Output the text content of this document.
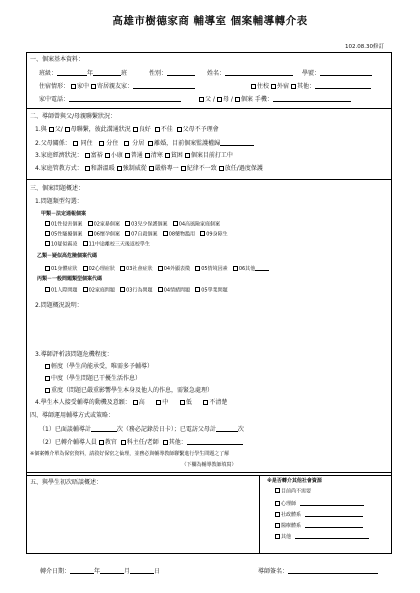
高雄市樹德家商 輔導室 個案輔導轉介表
102.08.30修訂
一、個案基本資料：
班級：	年	班	性別：	姓名：	學號：
住宿情形： 家中 寄居親友家：	住校 外宿 其他：
家中電話：	父 / 母 / 個案 手機：
二、導師曾與父/母親聯繫狀況：
1.與 父/ 母聯繫，彼此溝通狀況 良好 不佳 父母不予理會
2.父母關係： 同住 分住 分居 離婚，目前個案監護權歸
3.家庭經濟狀況： 富裕 小康 普通 清寒 貧困 個案目前打工中
4.家庭管教方式： 和諧溫暖 強制威從 嚴格專一 紀律不一致 放任/過度保護
三、個案問題概述：
1.問題類型勾選：
甲類－法定通報個案
01性侵害個案 02家暴個案 03兒少保護個案 04高風險家庭個案
05性騷擾個案 06懷孕個案 07自殺個案 08藥物濫用 09身障生
10疑似霸凌 11中途離校三天後返校學生
乙類－疑似高危險個案代碼
01身體症狀 02心理症狀 03社會症狀 04外顯表徵 05情境因素 06其他
丙類－一般問題類型個案代碼
01人際問題 02家庭問題 03行為問題 04情緒問題 05學業問題
2.問題概況說明：
3.導師評析該問題危機程度：
輕度（學生尚能承受，唯需多予輔導）
中度（學生問題已干擾生活作息）
重度（問題已嚴重影響學生本身及他人的作息，需緊急處理）
4.學生本人接受輔導的動機及意願： 高	中	低	不清楚
四、導師運用輔導方式或策略：
（1）已面談輔導計	次（務必記錄於日卡）；已電訪父母計	次
（2）已轉介輔導人員 教官 科主任/老師 其他：
※個案轉介單為保密資料，請敘好保密之倫理，並務必與輔導教師聯繫進行學生問題之了解
（下欄為輔導教師填寫）
五、與學生初次晤談概述：	※是否轉介其他社會資源
目前尚不需要
心理師
社政體系
醫療體系
其他
轉介日期：	年	月	日	導師簽名：
